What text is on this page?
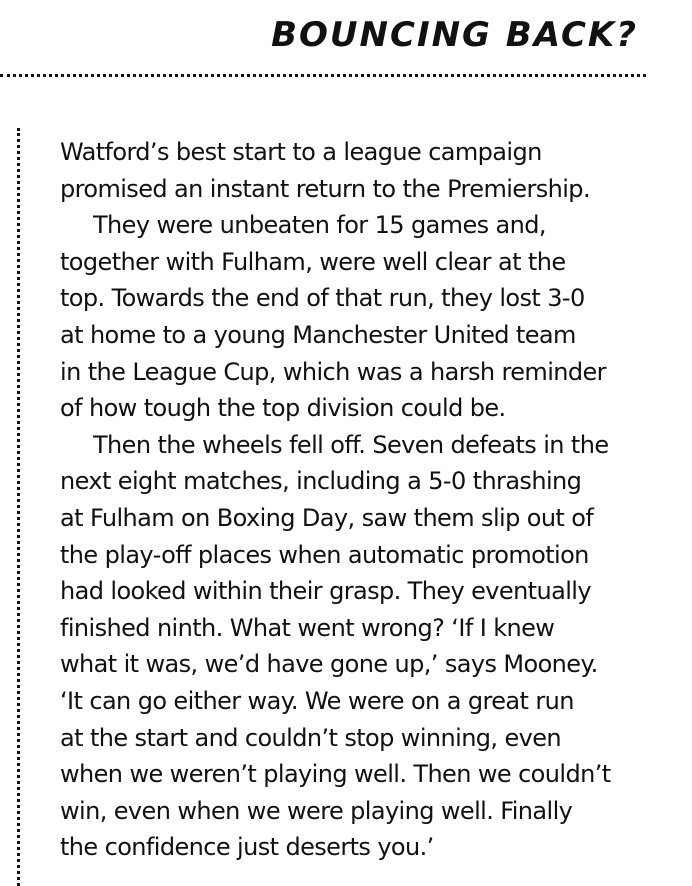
BOUNCING BACK?
Watford’s best start to a league campaign
promised an instant return to the Premiership.
They were unbeaten for 15 games and,
together with Fulham, were well clear at the
top. Towards the end of that run, they lost 3-0
at home to a young Manchester United team
in the League Cup, which was a harsh reminder
of how tough the top division could be.
Then the wheels fell off. Seven defeats in the
next eight matches, including a 5-0 thrashing
at Fulham on Boxing Day, saw them slip out of
the play-off places when automatic promotion
had looked within their grasp. They eventually
finished ninth. What went wrong? ‘If I knew
what it was, we’d have gone up,’ says Mooney.
‘It can go either way. We were on a great run
at the start and couldn’t stop winning, even
when we weren’t playing well. Then we couldn’t
win, even when we were playing well. Finally
the confidence just deserts you.’
